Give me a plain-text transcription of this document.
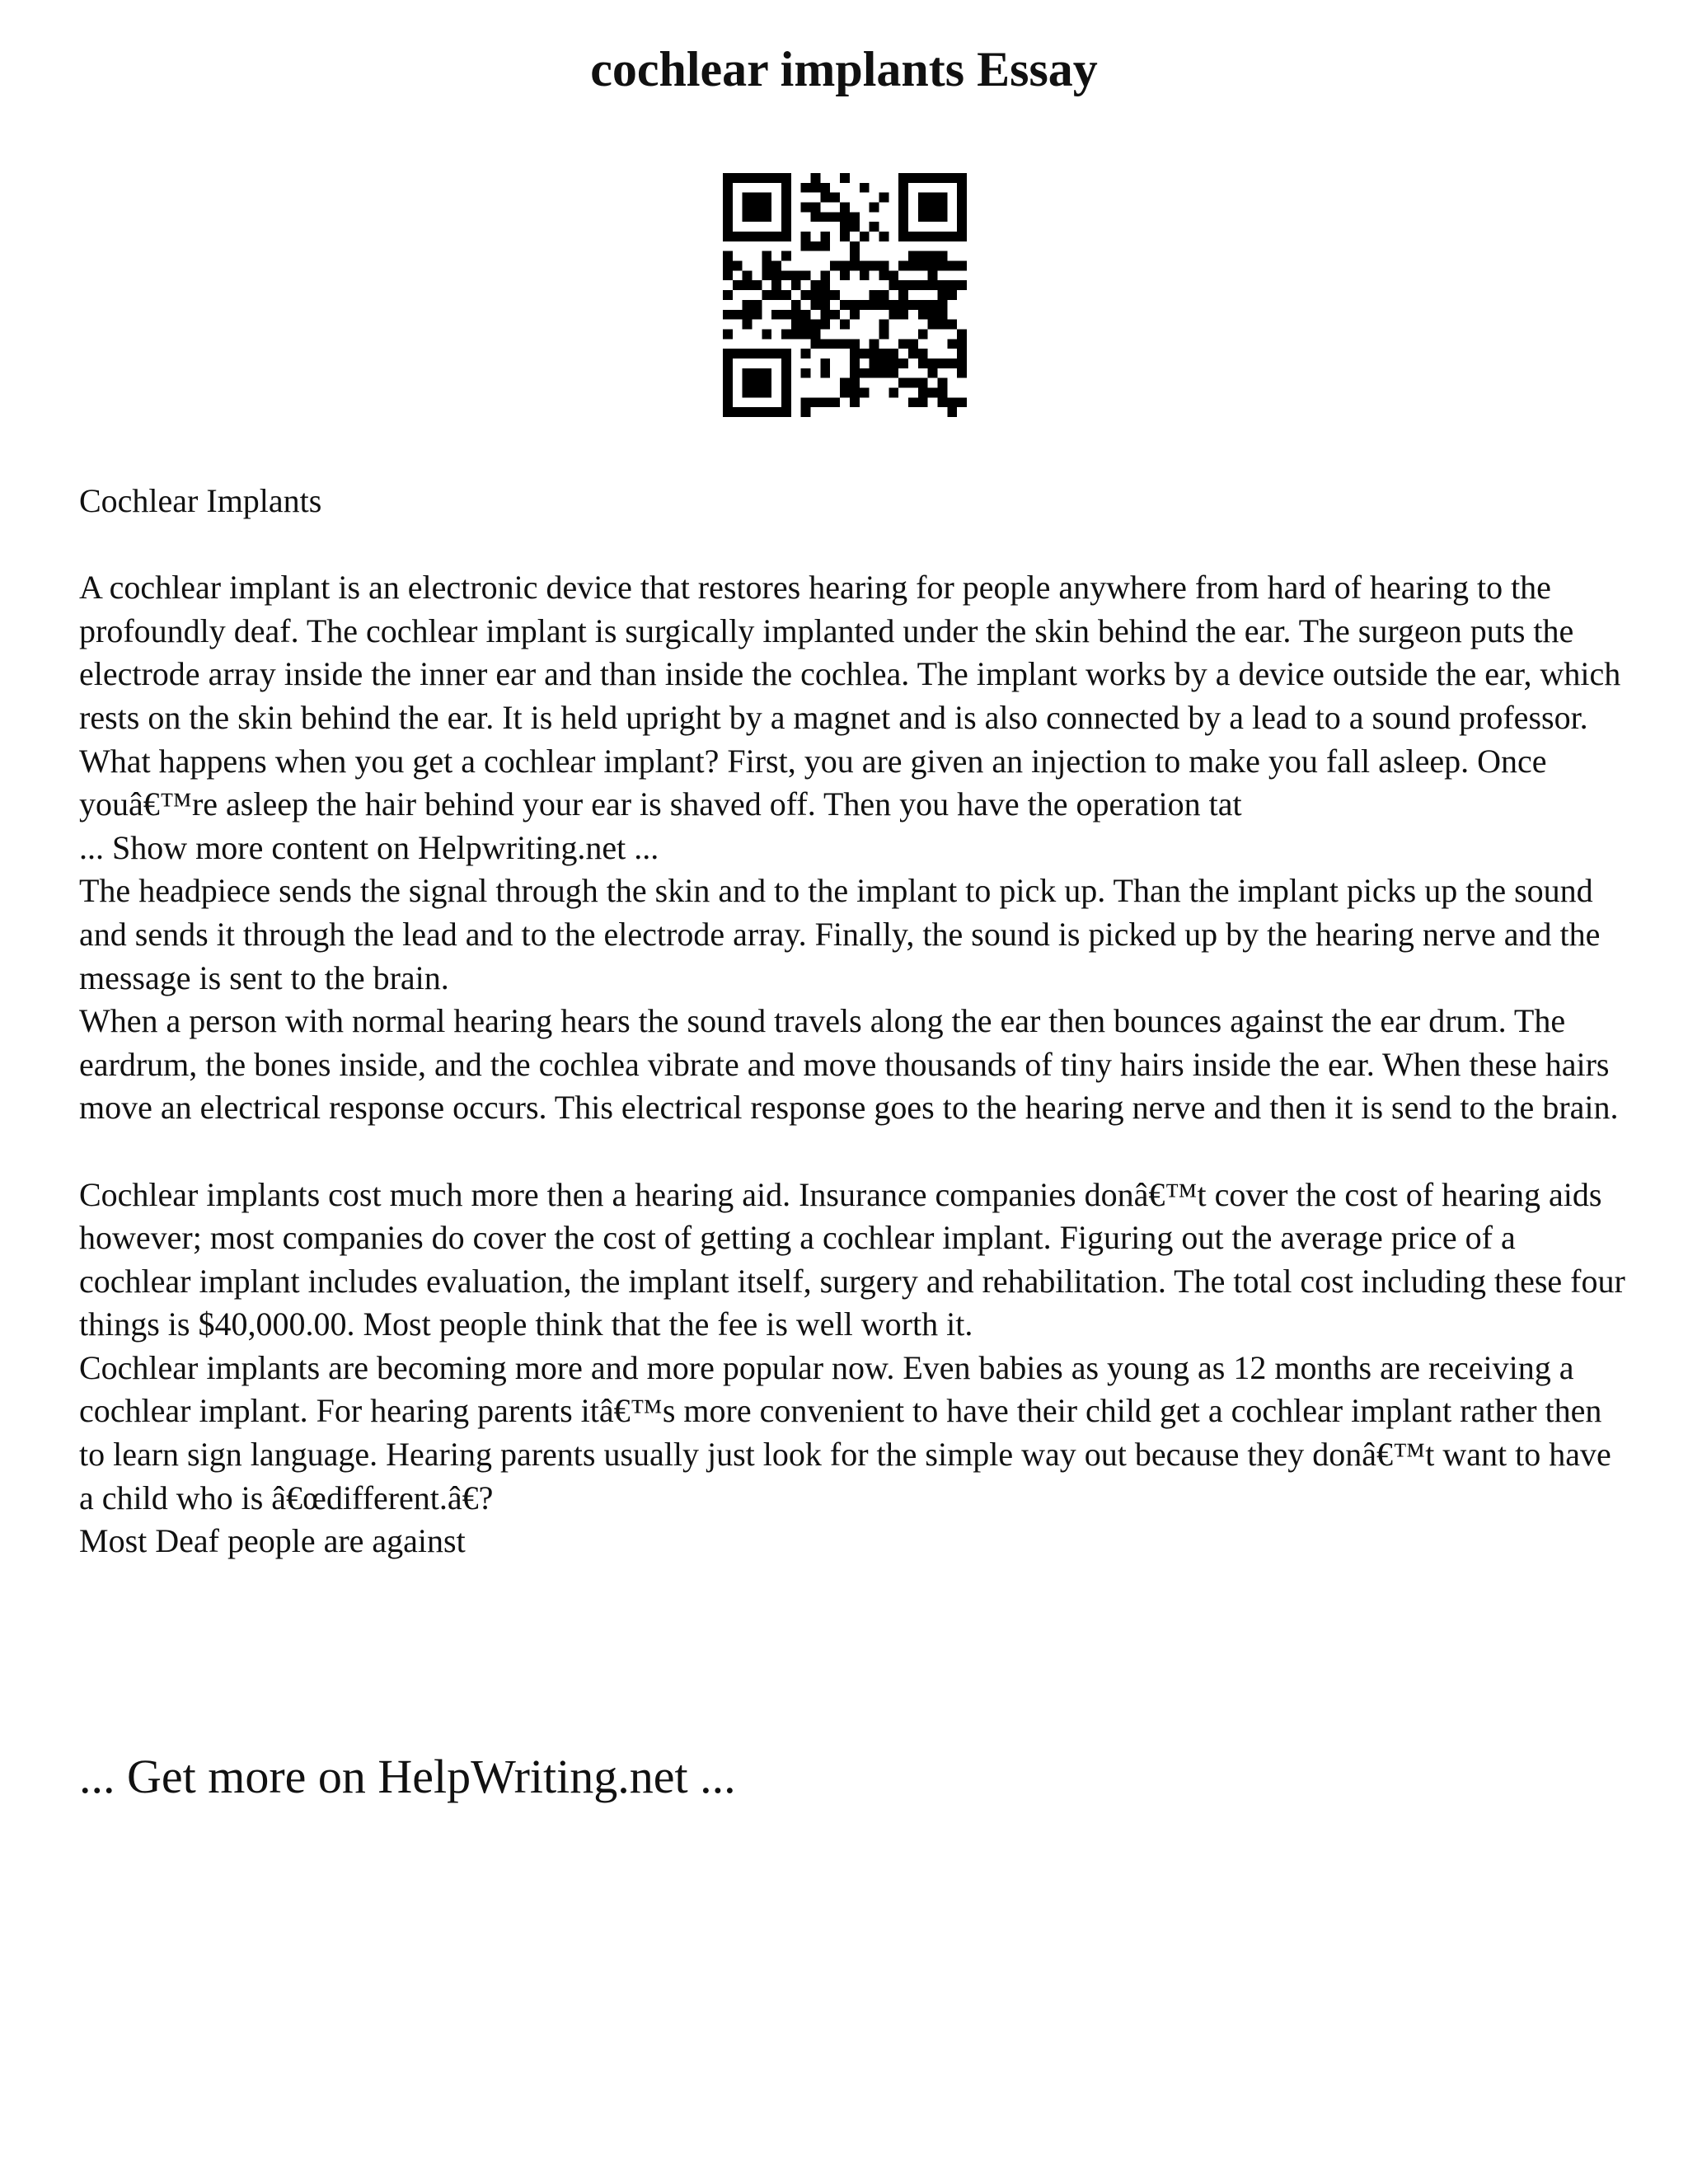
cochlear implants Essay

Cochlear Implants

A cochlear implant is an electronic device that restores hearing for people anywhere from hard of hearing to the profoundly deaf. The cochlear implant is surgically implanted under the skin behind the ear. The surgeon puts the electrode array inside the inner ear and than inside the cochlea. The implant works by a device outside the ear, which rests on the skin behind the ear. It is held upright by a magnet and is also connected by a lead to a sound professor.

What happens when you get a cochlear implant? First, you are given an injection to make you fall asleep. Once youâ€™re asleep the hair behind your ear is shaved off. Then you have the operation tat

... Show more content on Helpwriting.net ...

The headpiece sends the signal through the skin and to the implant to pick up. Than the implant picks up the sound and sends it through the lead and to the electrode array. Finally, the sound is picked up by the hearing nerve and the message is sent to the brain.

When a person with normal hearing hears the sound travels along the ear then bounces against the ear drum. The eardrum, the bones inside, and the cochlea vibrate and move thousands of tiny hairs inside the ear. When these hairs move an electrical response occurs. This electrical response goes to the hearing nerve and then it is send to the brain.

Cochlear implants cost much more then a hearing aid. Insurance companies donâ€™t cover the cost of hearing aids however; most companies do cover the cost of getting a cochlear implant. Figuring out the average price of a cochlear implant includes evaluation, the implant itself, surgery and rehabilitation. The total cost including these four things is $40,000.00. Most people think that the fee is well worth it.

Cochlear implants are becoming more and more popular now. Even babies as young as 12 months are receiving a cochlear implant. For hearing parents itâ€™s more convenient to have their child get a cochlear implant rather then to learn sign language. Hearing parents usually just look for the simple way out because they donâ€™t want to have a child who is â€œdifferent.â€?

Most Deaf people are against

... Get more on HelpWriting.net ...
